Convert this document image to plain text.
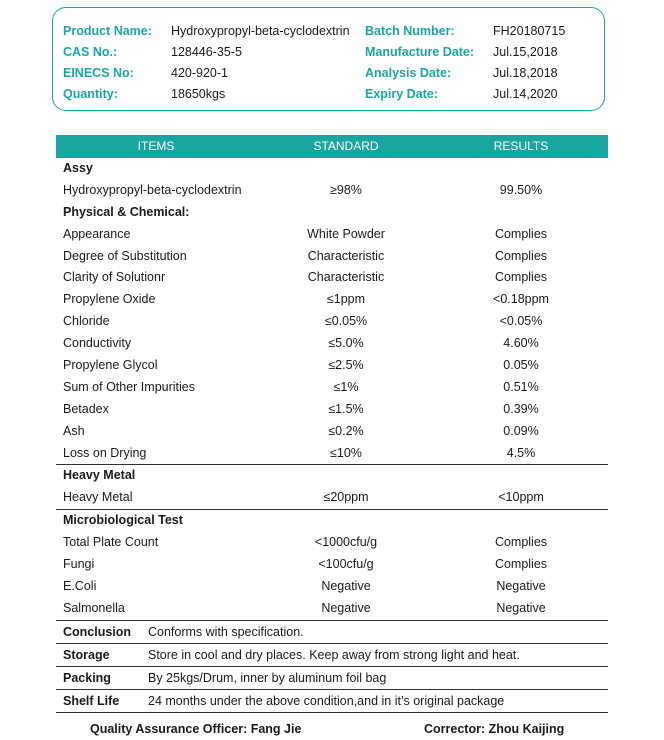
Product Name: Hydroxypropyl-beta-cyclodextrin Batch Number:	FH20180715
CAS No.:	128446-35-5	Manufacture Date: Jul.15,2018
EINECS No:	420-920-1	Analysis Date:	Jul.18,2018
Quantity:	18650kgs	Expiry Date:	Jul.14,2020
ITEMS	STANDARD	RESULTS
Assy
Hydroxypropyl-beta-cyclodextrin	≥98%	99.50%
Physical & Chemical:
Appearance	White Powder	Complies
Degree of Substitution	Characteristic	Complies
Clarity of Solutionr	Characteristic	Complies
Propylene Oxide	≤1ppm	<0.18ppm
Chloride	≤0.05%	<0.05%
Conductivity	≤5.0%	4.60%
Propylene Glycol	≤2.5%	0.05%
Sum of Other Impurities	≤1%	0.51%
Betadex	≤1.5%	0.39%
Ash	≤0.2%	0.09%
Loss on Drying	≤10%	4.5%
Heavy Metal
Heavy Metal	≤20ppm	<10ppm
Microbiological Test
Total Plate Count	<1000cfu/g	Complies
Fungi	<100cfu/g	Complies
E.Coli	Negative	Negative
Salmonella	Negative	Negative
Conclusion Conforms with specification.
Storage	Store in cool and dry places. Keep away from strong light and heat.
Packing	By 25kgs/Drum, inner by aluminum foil bag
Shelf Life 24 months under the above condition,and in it’s original package
Quality Assurance Officer: Fang Jie	Corrector: Zhou Kaijing
